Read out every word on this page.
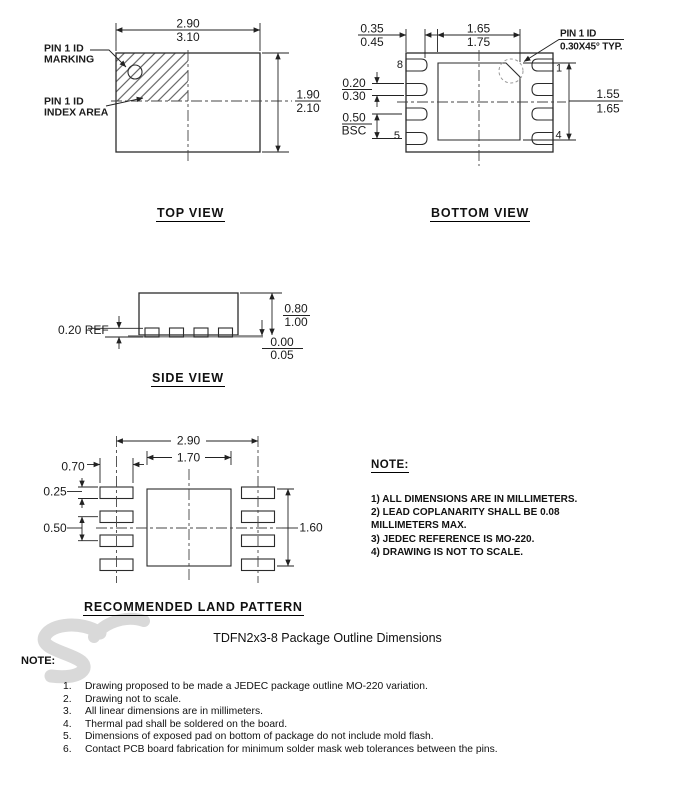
2.90
3.10
1.90
2.10
PIN 1 ID
MARKING
PIN 1 ID
INDEX AREA
TOP VIEW
8
5
1
4
0.35
0.45
1.65
1.75
0.20
0.30
0.50
BSC
1.55
1.65
PIN 1 ID
0.30X45° TYP.
BOTTOM VIEW
0.20 REF
0.80
1.00
0.00
0.05
SIDE VIEW
2.90
1.70
0.70
0.25
0.50	1.60
RECOMMENDED LAND PATTERN
NOTE:
1) ALL DIMENSIONS ARE IN MILLIMETERS.
2) LEAD COPLANARITY SHALL BE 0.08
MILLIMETERS MAX.
3) JEDEC REFERENCE IS MO-220.
4) DRAWING IS NOT TO SCALE.
TDFN2x3-8 Package Outline Dimensions
NOTE:
1.	Drawing proposed to be made a JEDEC package outline MO-220 variation.
2.	Drawing not to scale.
3.	All linear dimensions are in millimeters.
4.	Thermal pad shall be soldered on the board.
5.	Dimensions of exposed pad on bottom of package do not include mold flash.
6.	Contact PCB board fabrication for minimum solder mask web tolerances between the pins.
